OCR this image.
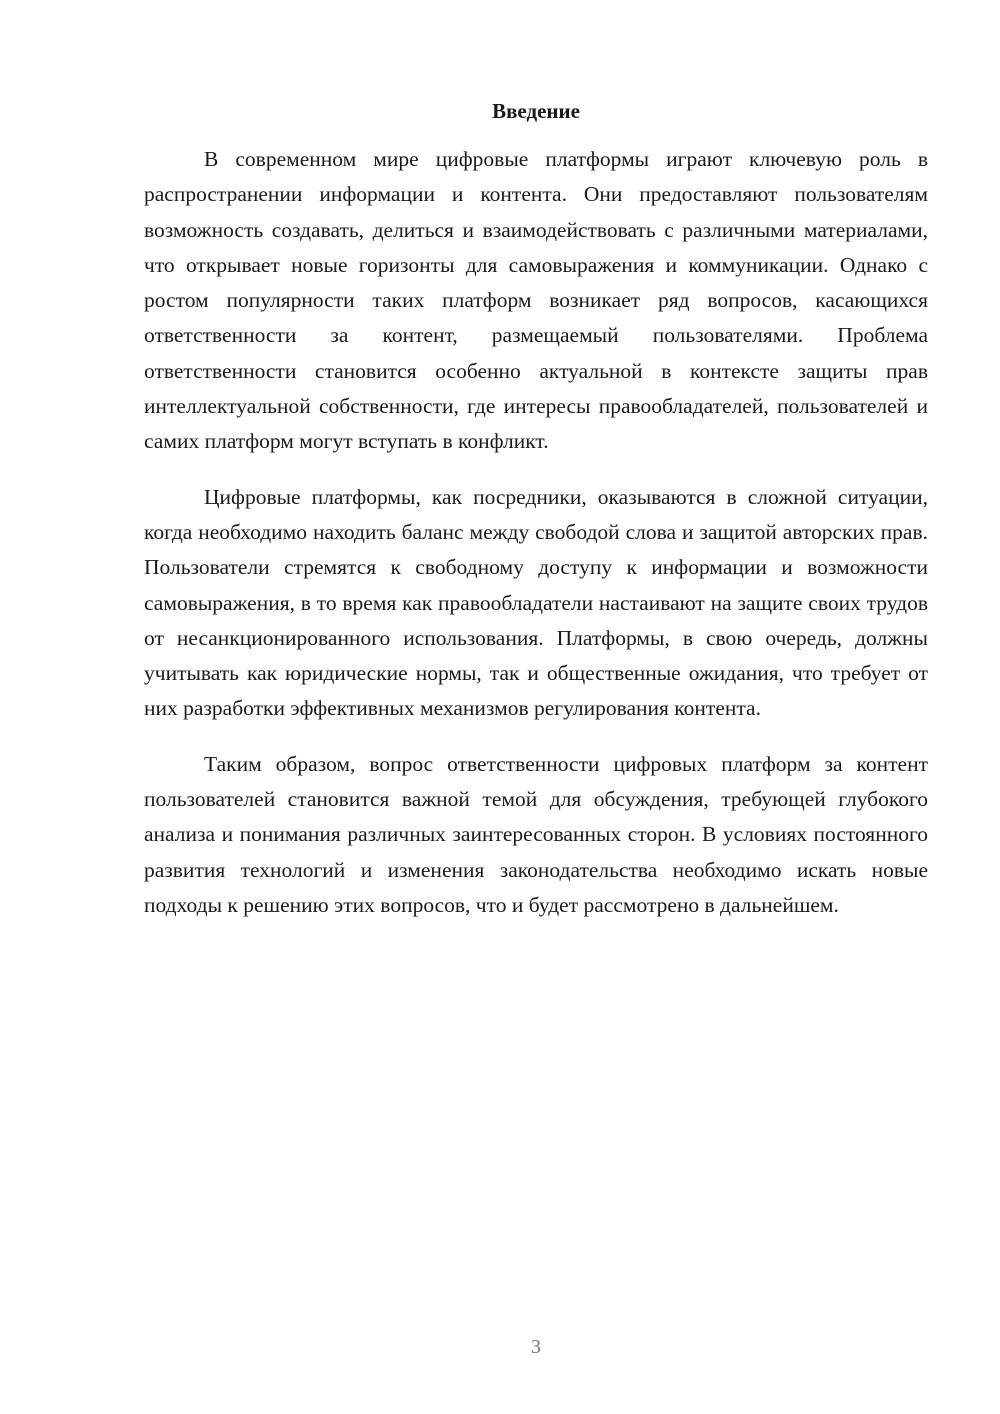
Введение

В современном мире цифровые платформы играют ключевую роль в распространении информации и контента. Они предоставляют пользователям возможность создавать, делиться и взаимодействовать с различными материалами, что открывает новые горизонты для самовыражения и коммуникации. Однако с ростом популярности таких платформ возникает ряд вопросов, касающихся ответственности за контент, размещаемый пользователями. Проблема ответственности становится особенно актуальной в контексте защиты прав интеллектуальной собственности, где интересы правообладателей, пользователей и самих платформ могут вступать в конфликт.

Цифровые платформы, как посредники, оказываются в сложной ситуации, когда необходимо находить баланс между свободой слова и защитой авторских прав. Пользователи стремятся к свободному доступу к информации и возможности самовыражения, в то время как правообладатели настаивают на защите своих трудов от несанкционированного использования. Платформы, в свою очередь, должны учитывать как юридические нормы, так и общественные ожидания, что требует от них разработки эффективных механизмов регулирования контента.

Таким образом, вопрос ответственности цифровых платформ за контент пользователей становится важной темой для обсуждения, требующей глубокого анализа и понимания различных заинтересованных сторон. В условиях постоянного развития технологий и изменения законодательства необходимо искать новые подходы к решению этих вопросов, что и будет рассмотрено в дальнейшем.

3
